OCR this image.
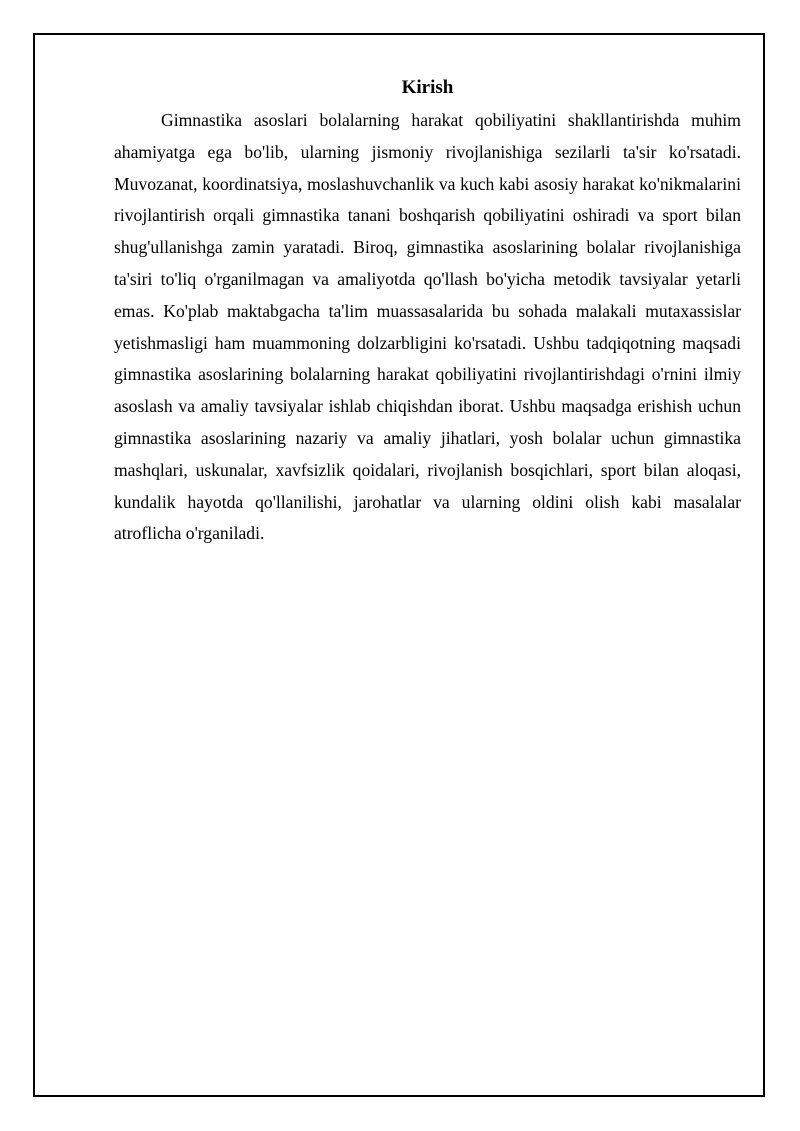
Kirish

Gimnastika asoslari bolalarning harakat qobiliyatini shakllantirishda muhim ahamiyatga ega bo'lib, ularning jismoniy rivojlanishiga sezilarli ta'sir ko'rsatadi. Muvozanat, koordinatsiya, moslashuvchanlik va kuch kabi asosiy harakat ko'nikmalarini rivojlantirish orqali gimnastika tanani boshqarish qobiliyatini oshiradi va sport bilan shug'ullanishga zamin yaratadi. Biroq, gimnastika asoslarining bolalar rivojlanishiga ta'siri to'liq o'rganilmagan va amaliyotda qo'llash bo'yicha metodik tavsiyalar yetarli emas. Ko'plab maktabgacha ta'lim muassasalarida bu sohada malakali mutaxassislar yetishmasligi ham muammoning dolzarbligini ko'rsatadi. Ushbu tadqiqotning maqsadi gimnastika asoslarining bolalarning harakat qobiliyatini rivojlantirishdagi o'rnini ilmiy asoslash va amaliy tavsiyalar ishlab chiqishdan iborat. Ushbu maqsadga erishish uchun gimnastika asoslarining nazariy va amaliy jihatlari, yosh bolalar uchun gimnastika mashqlari, uskunalar, xavfsizlik qoidalari, rivojlanish bosqichlari, sport bilan aloqasi, kundalik hayotda qo'llanilishi, jarohatlar va ularning oldini olish kabi masalalar atroflicha o'rganiladi.
